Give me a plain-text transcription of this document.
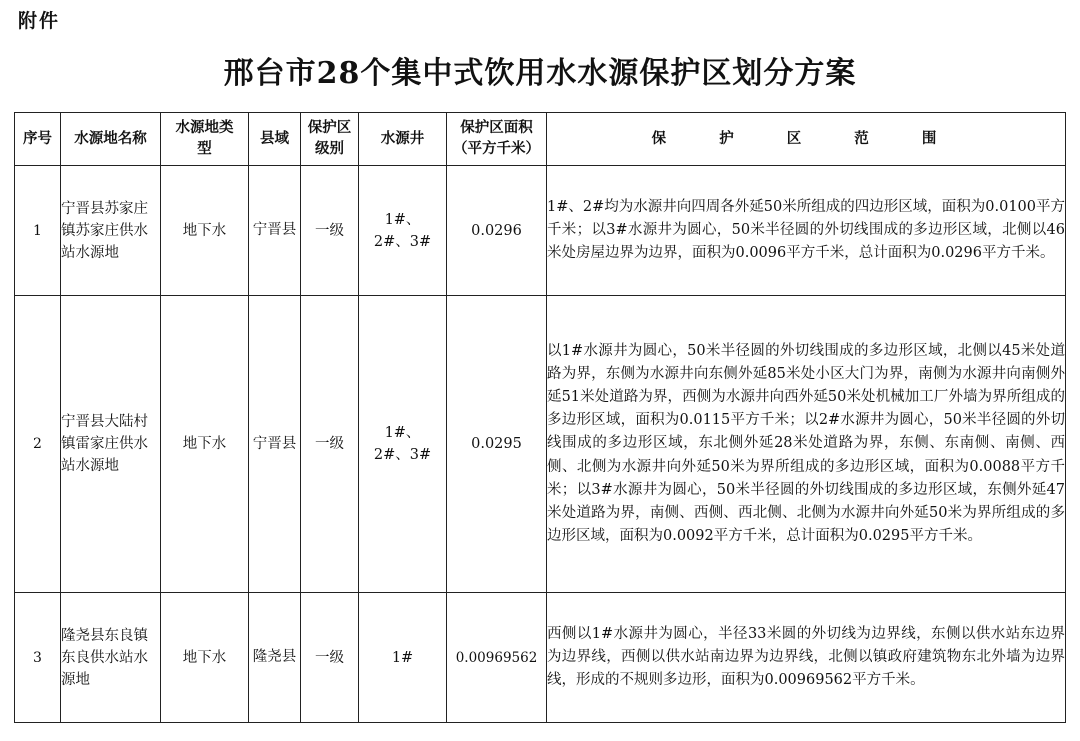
附件
邢台市28个集中式饮用水水源保护区划分方案
序号	水源地名称	水源地类型	县域	保护区级别	水源井	保护区面积（平方千米）	保 护 区 范 围
1	宁晋县苏家庄镇苏家庄供水站水源地	地下水	宁晋县	一级	1#、2#、3#	0.0296	1#、2#均为水源井向四周各外延50米所组成的四边形区域，面积为0.0100平方千米；以3#水源井为圆心，50米半径圆的外切线围成的多边形区域，北侧以46米处房屋边界为边界，面积为0.0096平方千米，总计面积为0.0296平方千米。
2	宁晋县大陆村镇雷家庄供水站水源地	地下水	宁晋县	一级	1#、2#、3#	0.0295	以1#水源井为圆心，50米半径圆的外切线围成的多边形区域，北侧以45米处道路为界，东侧为水源井向东侧外延85米处小区大门为界，南侧为水源井向南侧外延51米处道路为界，西侧为水源井向西外延50米处机械加工厂外墙为界所组成的多边形区域，面积为0.0115平方千米；以2#水源井为圆心，50米半径圆的外切线围成的多边形区域，东北侧外延28米处道路为界，东侧、东南侧、南侧、西侧、北侧为水源井向外延50米为界所组成的多边形区域，面积为0.0088平方千米；以3#水源井为圆心，50米半径圆的外切线围成的多边形区域，东侧外延47米处道路为界，南侧、西侧、西北侧、北侧为水源井向外延50米为界所组成的多边形区域，面积为0.0092平方千米，总计面积为0.0295平方千米。
3	隆尧县东良镇东良供水站水源地	地下水	隆尧县	一级	1#	0.00969562	西侧以1#水源井为圆心，半径33米圆的外切线为边界线，东侧以供水站东边界为边界线，西侧以供水站南边界为边界线，北侧以镇政府建筑物东北外墙为边界线，形成的不规则多边形，面积为0.00969562平方千米。
